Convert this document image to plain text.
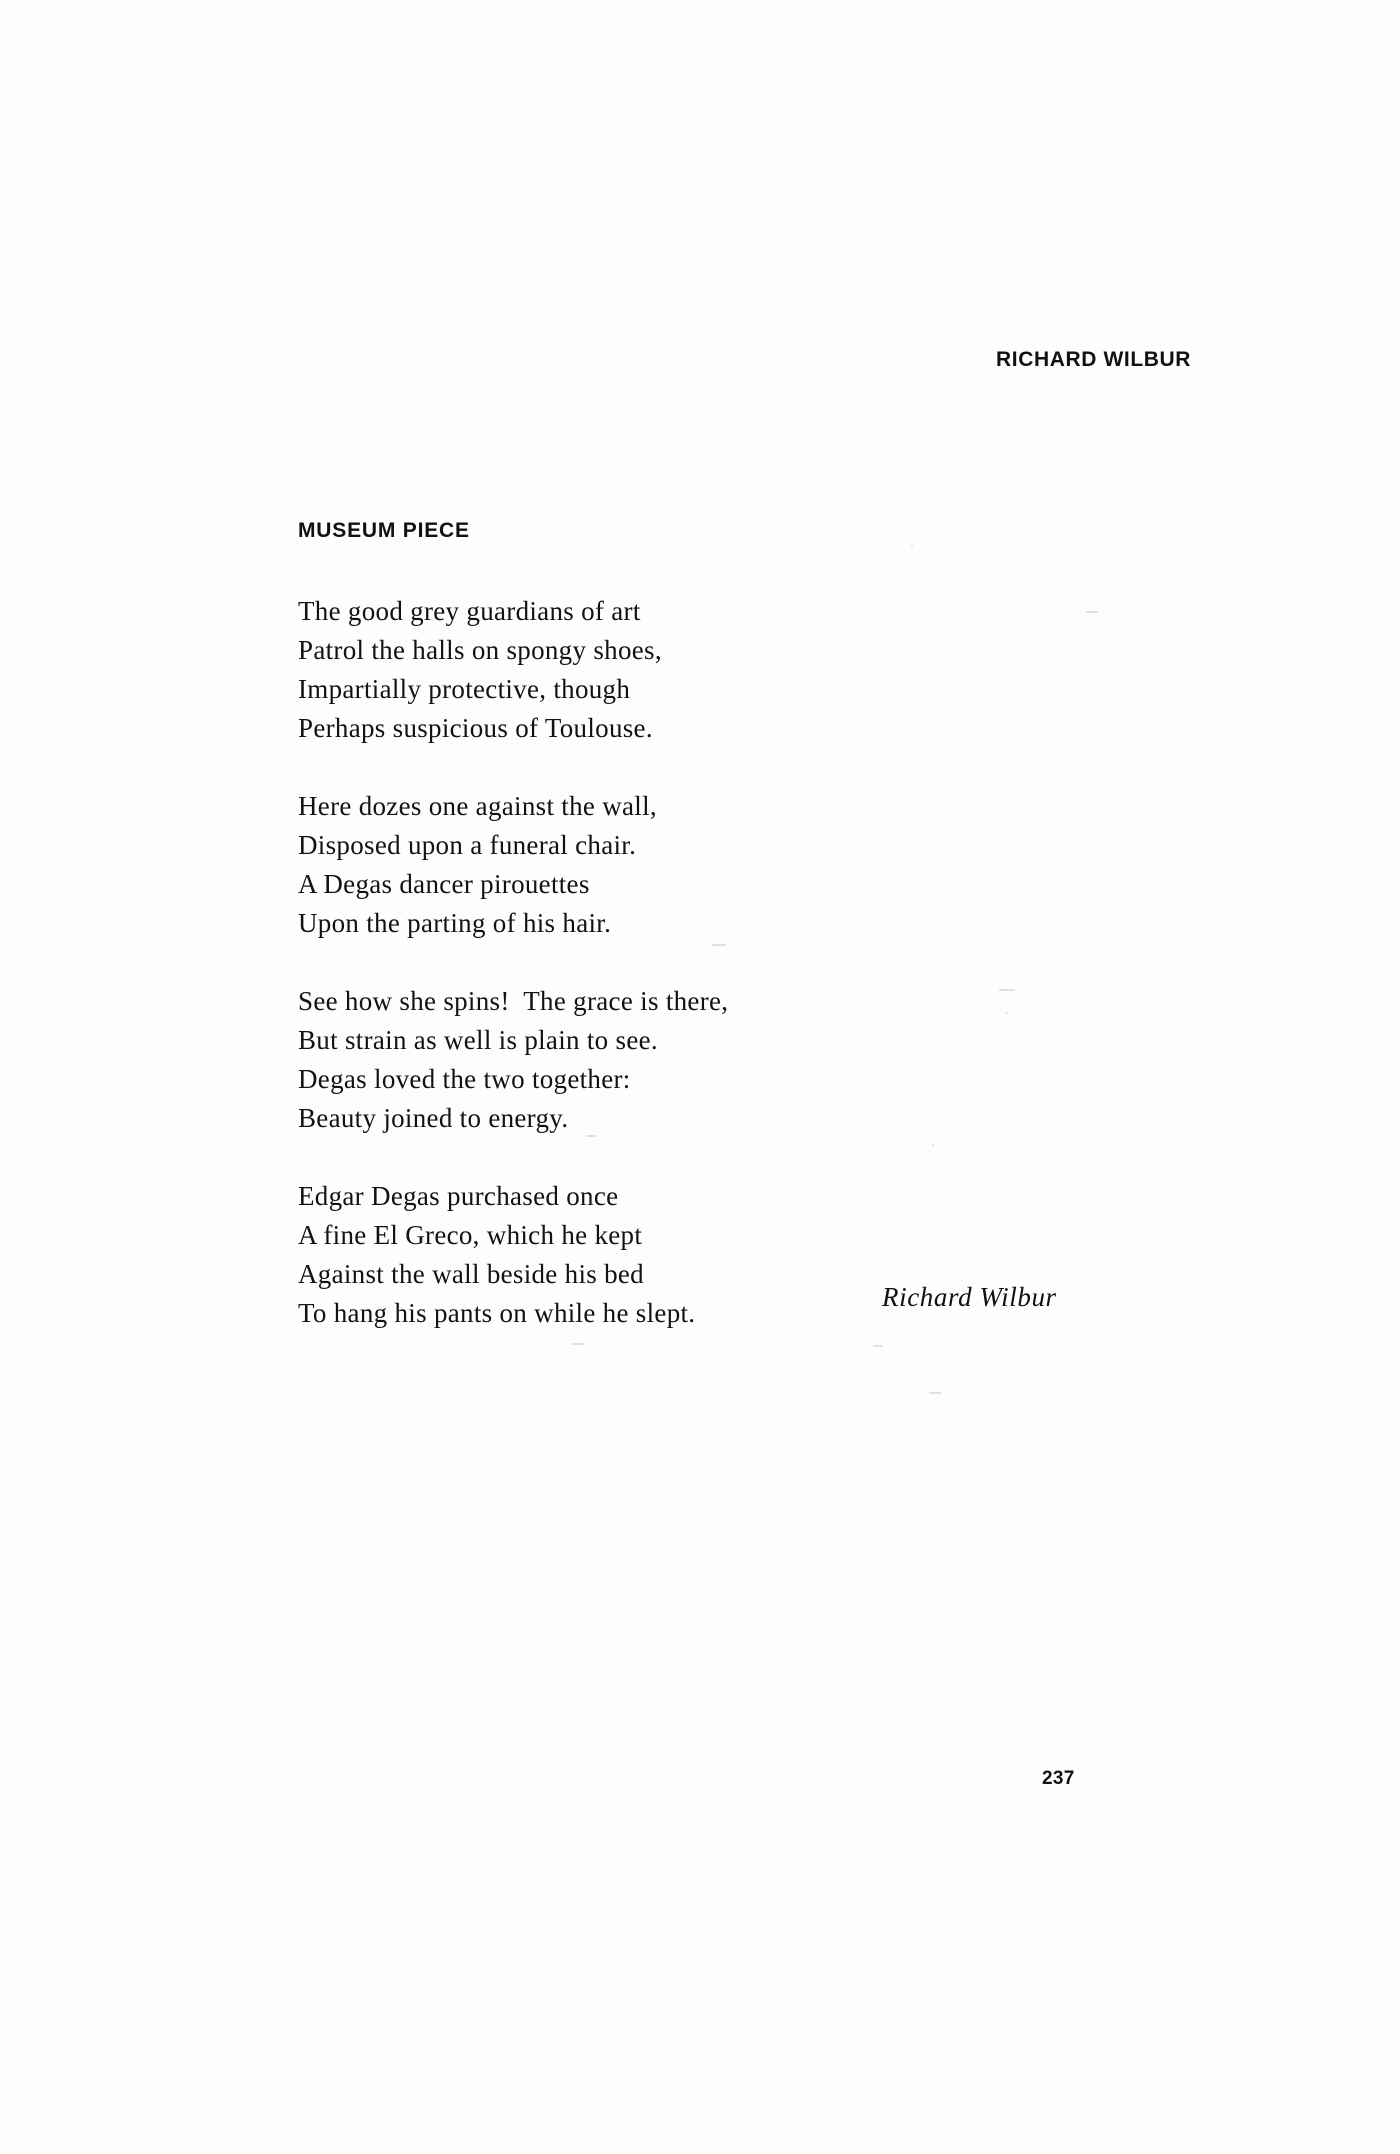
RICHARD WILBUR
MUSEUM PIECE
The good grey guardians of art
Patrol the halls on spongy shoes,
Impartially protective, though
Perhaps suspicious of Toulouse.
Here dozes one against the wall,
Disposed upon a funeral chair.
A Degas dancer pirouettes
Upon the parting of his hair.
See how she spins!  The grace is there,
But strain as well is plain to see.
Degas loved the two together:
Beauty joined to energy.
Edgar Degas purchased once
A fine El Greco, which he kept
Against the wall beside his bed
To hang his pants on while he slept.
Richard Wilbur
237
